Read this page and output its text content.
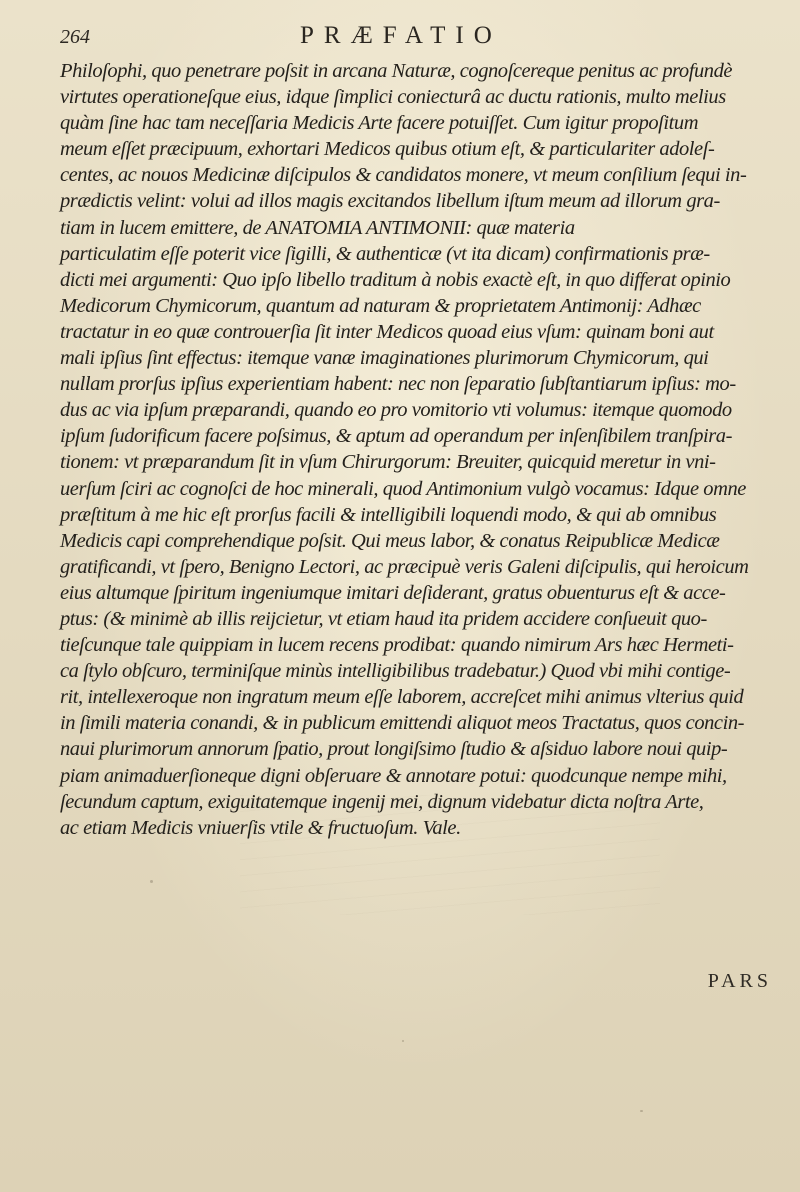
264	PRÆFATIO
Philoſophi, quo penetrare poſsit in arcana Naturæ, cognoſcereque penitus ac profundè
virtutes operationeſque eius, idque ſimplici coniecturâ ac ductu rationis, multo melius
quàm ſine hac tam neceſſaria Medicis Arte facere potuiſſet. Cum igitur propoſitum
meum eſſet præcipuum, exhortari Medicos quibus otium eſt, & particulariter adoleſ-
centes, ac nouos Medicinæ diſcipulos & candidatos monere, vt meum conſilium ſequi in-
prædictis velint: volui ad illos magis excitandos libellum iſtum meum ad illorum gra-
tiam in lucem emittere, de ANATOMIA ANTIMONII: quæ materia
particulatim eſſe poterit vice ſigilli, & authenticæ (vt ita dicam) confirmationis præ-
dicti mei argumenti: Quo ipſo libello traditum à nobis exactè eſt, in quo differat opinio
Medicorum Chymicorum, quantum ad naturam & proprietatem Antimonij: Adhæc
tractatur in eo quæ controuerſia ſit inter Medicos quoad eius vſum: quinam boni aut
mali ipſius ſint effectus: itemque vanæ imaginationes plurimorum Chymicorum, qui
nullam prorſus ipſius experientiam habent: nec non ſeparatio ſubſtantiarum ipſius: mo-
dus ac via ipſum præparandi, quando eo pro vomitorio vti volumus: itemque quomodo
ipſum ſudorificum facere poſsimus, & aptum ad operandum per inſenſibilem tranſpira-
tionem: vt præparandum ſit in vſum Chirurgorum: Breuiter, quicquid meretur in vni-
uerſum ſciri ac cognoſci de hoc minerali, quod Antimonium vulgò vocamus: Idque omne
præſtitum à me hic eſt prorſus facili & intelligibili loquendi modo, & qui ab omnibus
Medicis capi comprehendique poſsit. Qui meus labor, & conatus Reipublicæ Medicæ
gratificandi, vt ſpero, Benigno Lectori, ac præcipuè veris Galeni diſcipulis, qui heroicum
eius altumque ſpiritum ingeniumque imitari deſiderant, gratus obuenturus eſt & acce-
ptus: (& minimè ab illis reijcietur, vt etiam haud ita pridem accidere conſueuit quo-
tieſcunque tale quippiam in lucem recens prodibat: quando nimirum Ars hæc Hermeti-
ca ſtylo obſcuro, terminiſque minùs intelligibilibus tradebatur.) Quod vbi mihi contige-
rit, intellexeroque non ingratum meum eſſe laborem, accreſcet mihi animus vlterius quid
in ſimili materia conandi, & in publicum emittendi aliquot meos Tractatus, quos concin-
naui plurimorum annorum ſpatio, prout longiſsimo ſtudio & aſsiduo labore noui quip-
piam animaduerſioneque digni obſeruare & annotare potui: quodcunque nempe mihi,
ſecundum captum, exiguitatemque ingenij mei, dignum videbatur dicta noſtra Arte,
ac etiam Medicis vniuerſis vtile & fructuoſum. Vale.
PARS
